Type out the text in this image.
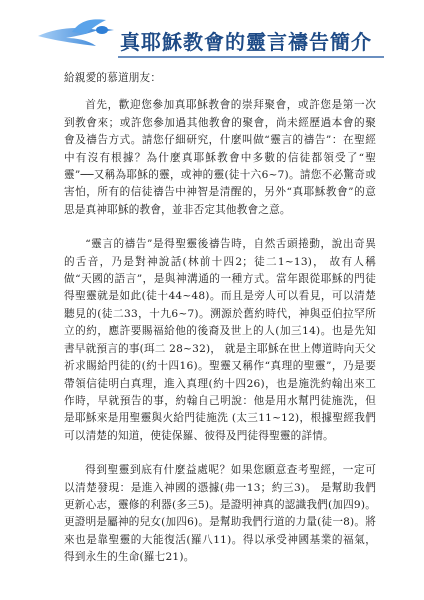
真耶穌教會的靈言禱告簡介

給親愛的慕道朋友：

首先，歡迎您參加真耶穌教會的崇拜聚會，或許您是第一次到教會來；或許您參加過其他教會的聚會，尚未經歷過本會的聚會及禱告方式。請您仔細研究，什麼叫做“靈言的禱告”：在聖經中有沒有根據？為什麼真耶穌教會中多數的信徒都領受了“聖靈”──又稱為耶穌的靈，或神的靈(徒十六6~7)。請您不必驚奇或害怕，所有的信徒禱告中神智是清醒的，另外“真耶穌教會”的意思是真神耶穌的教會，並非否定其他教會之意。

“靈言的禱告”是得聖靈後禱告時，自然舌頭捲動，說出奇異的舌音，乃是對神說話(林前十四2；徒二1~13)， 故有人稱做“天國的語言”，是與神溝通的一種方式。當年跟從耶穌的門徒得聖靈就是如此(徒十44~48)。而且是旁人可以看見，可以清楚聽見的(徒二33，十九6~7)。溯源於舊約時代，神與亞伯拉罕所立的約，應許要賜福給他的後裔及世上的人(加三14)。也是先知書早就預言的事(珥二 28~32)， 就是主耶穌在世上傳道時向天父祈求賜給門徒的(約十四16)。聖靈又稱作“真理的聖靈”，乃是要帶領信徒明白真理，進入真理(約十四26)，也是施洗約翰出來工作時，早就預告的事，約翰自己明說：他是用水幫門徒施洗，但是耶穌來是用聖靈與火給門徒施洗 (太三11~12)，根據聖經我們可以清楚的知道，使徒保羅、彼得及門徒得聖靈的詳情。

得到聖靈到底有什麼益處呢？如果您願意查考聖經，一定可以清楚發現：是進入神國的憑據(弗一13；約三3)。 是幫助我們更新心志，靈修的利器(多三5)。是證明神真的認識我們(加四9)。更證明是屬神的兒女(加四6)。是幫助我們行道的力量(徒一8)。將來也是靠聖靈的大能復活(羅八11)。得以承受神國基業的福氣，得到永生的生命(羅七21)。
